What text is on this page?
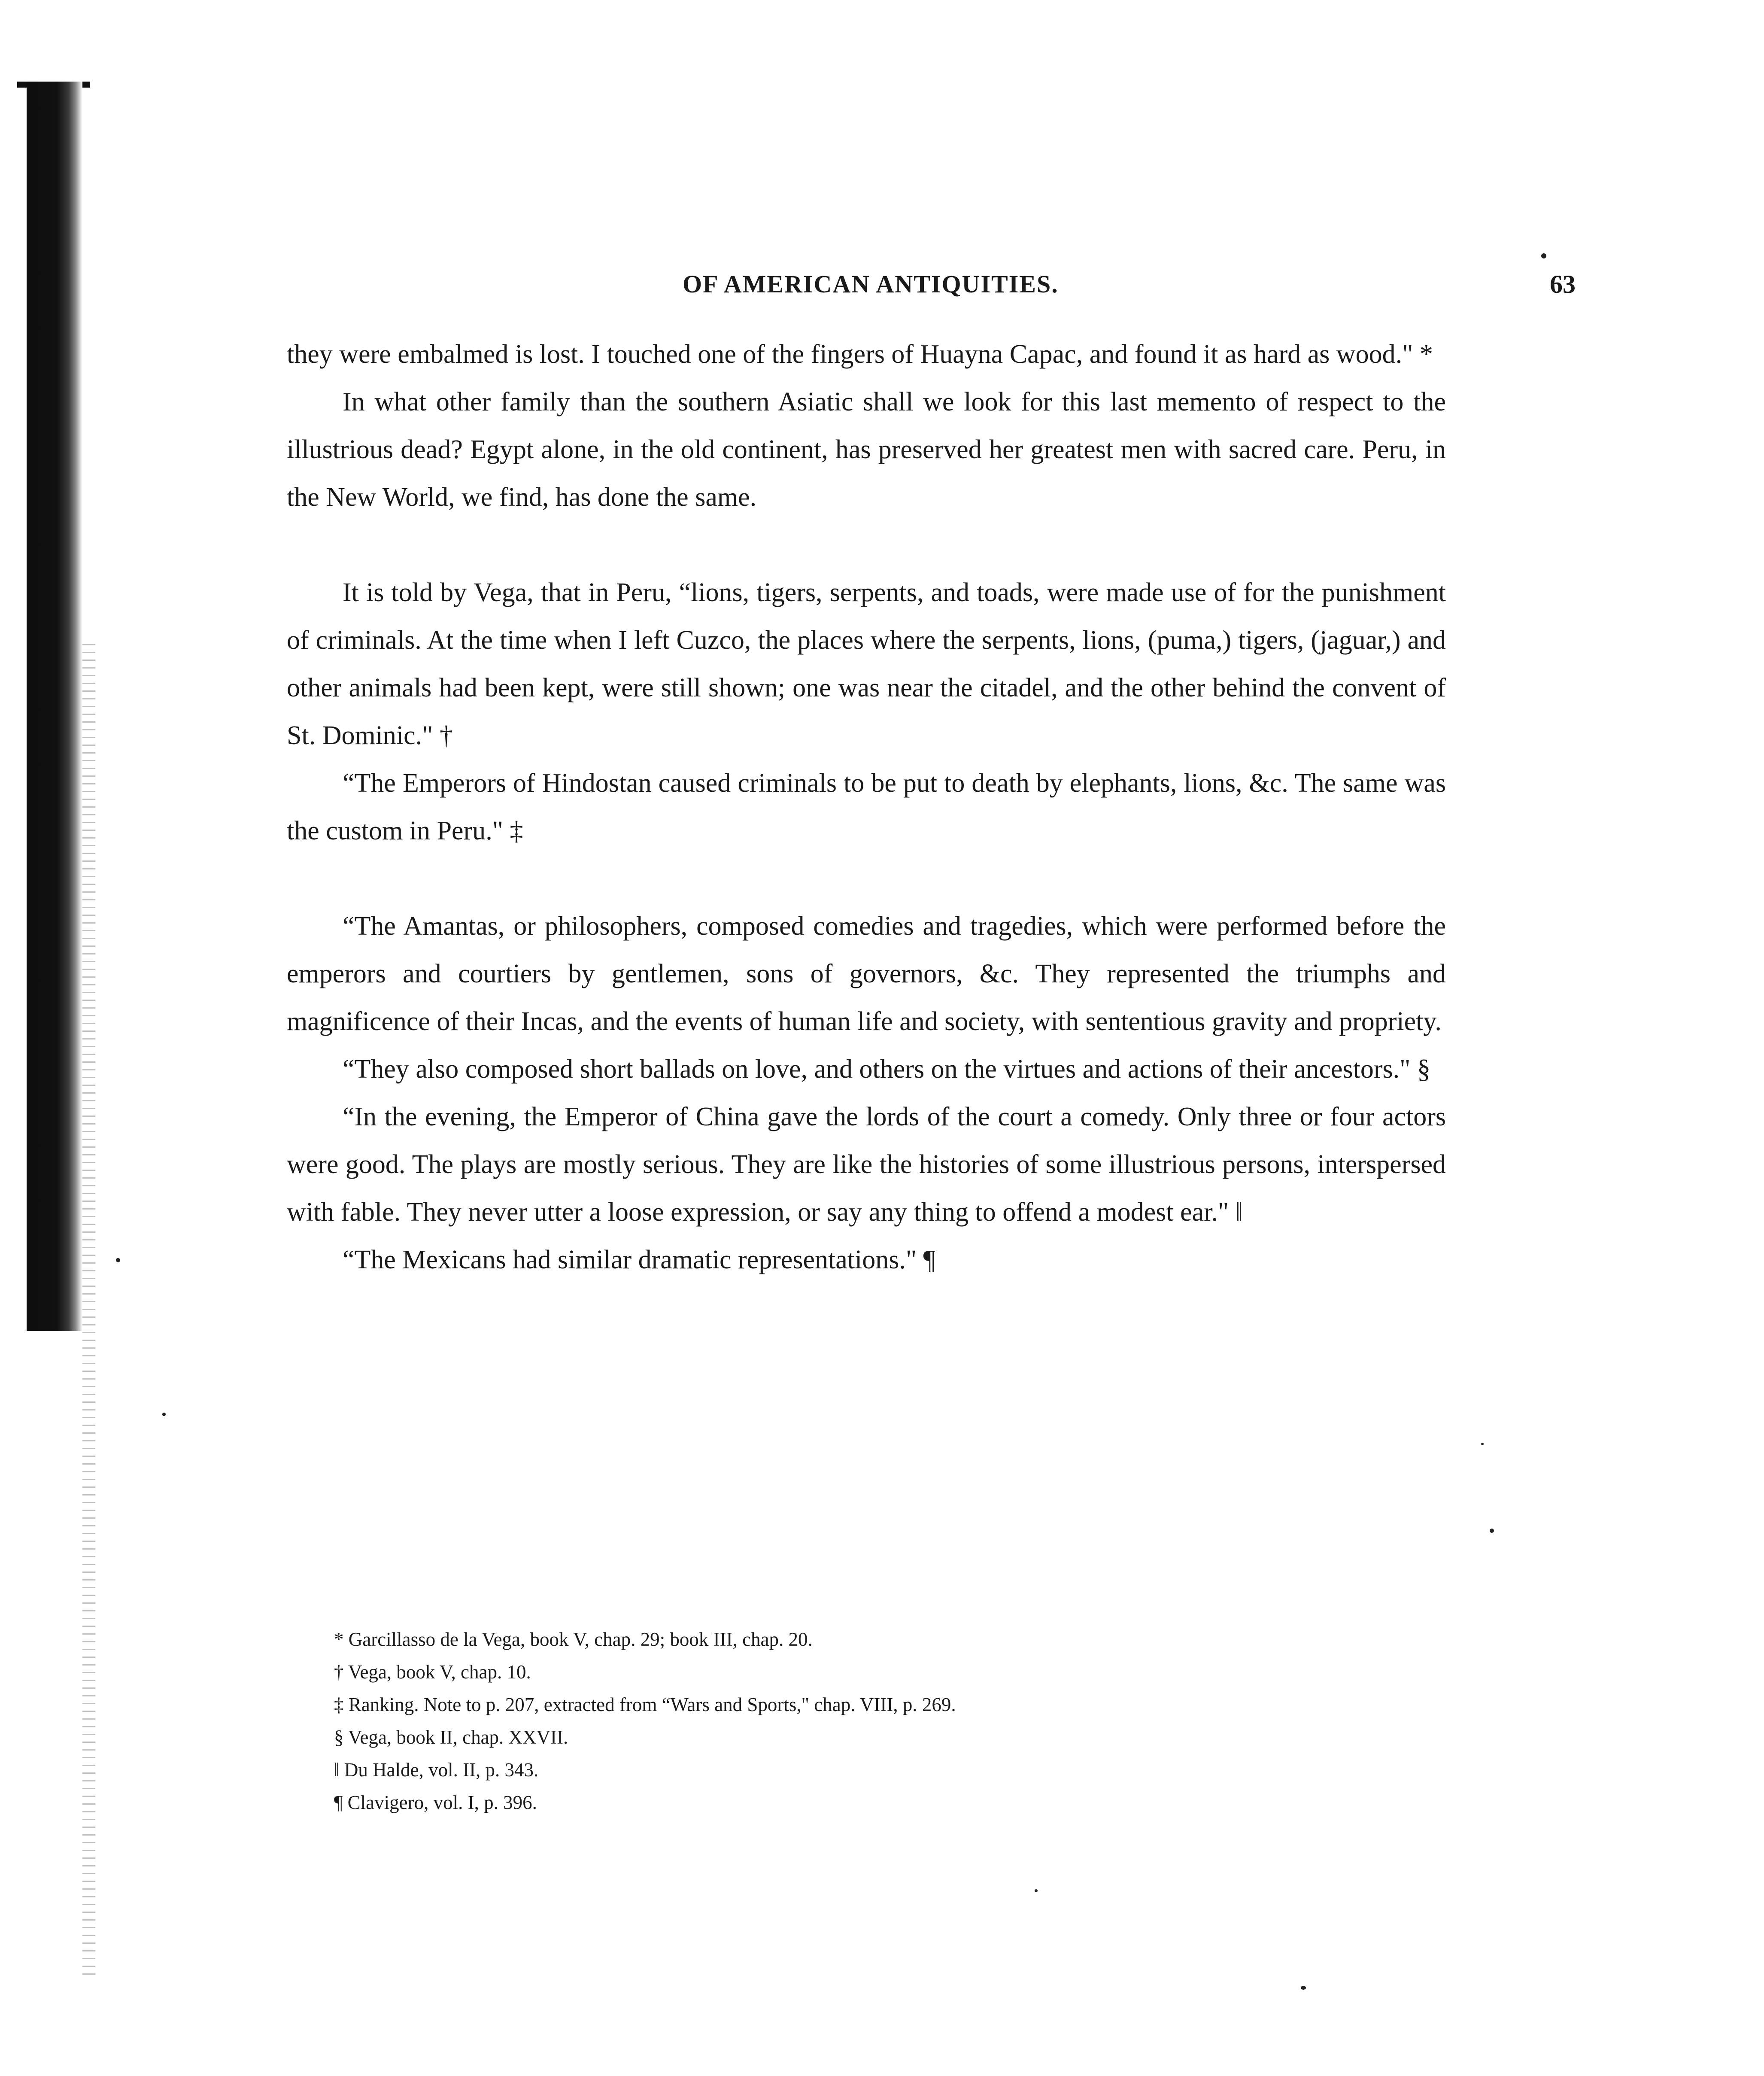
OF AMERICAN ANTIQUITIES.	63

they were embalmed is lost. I touched one of the fingers of Huayna Capac, and found it as hard as wood." *

In what other family than the southern Asiatic shall we look for this last memento of respect to the illustrious dead? Egypt alone, in the old continent, has preserved her greatest men with sacred care. Peru, in the New World, we find, has done the same.

It is told by Vega, that in Peru, “lions, tigers, serpents, and toads, were made use of for the punishment of criminals. At the time when I left Cuzco, the places where the serpents, lions, (puma,) tigers, (jaguar,) and other animals had been kept, were still shown; one was near the citadel, and the other behind the convent of St. Dominic." †

“The Emperors of Hindostan caused criminals to be put to death by elephants, lions, &c. The same was the custom in Peru." ‡

“The Amantas, or philosophers, composed comedies and tragedies, which were performed before the emperors and courtiers by gentlemen, sons of governors, &c. They represented the triumphs and magnificence of their Incas, and the events of human life and society, with sententious gravity and propriety.

“They also composed short ballads on love, and others on the virtues and actions of their ancestors." §

“In the evening, the Emperor of China gave the lords of the court a comedy. Only three or four actors were good. The plays are mostly serious. They are like the histories of some illustrious persons, interspersed with fable. They never utter a loose expression, or say any thing to offend a modest ear." ‖

“The Mexicans had similar dramatic representations." ¶

* Garcillasso de la Vega, book V, chap. 29; book III, chap. 20.
† Vega, book V, chap. 10.
‡ Ranking. Note to p. 207, extracted from “Wars and Sports," chap. VIII, p. 269.
§ Vega, book II, chap. XXVII.
‖ Du Halde, vol. II, p. 343.
¶ Clavigero, vol. I, p. 396.
